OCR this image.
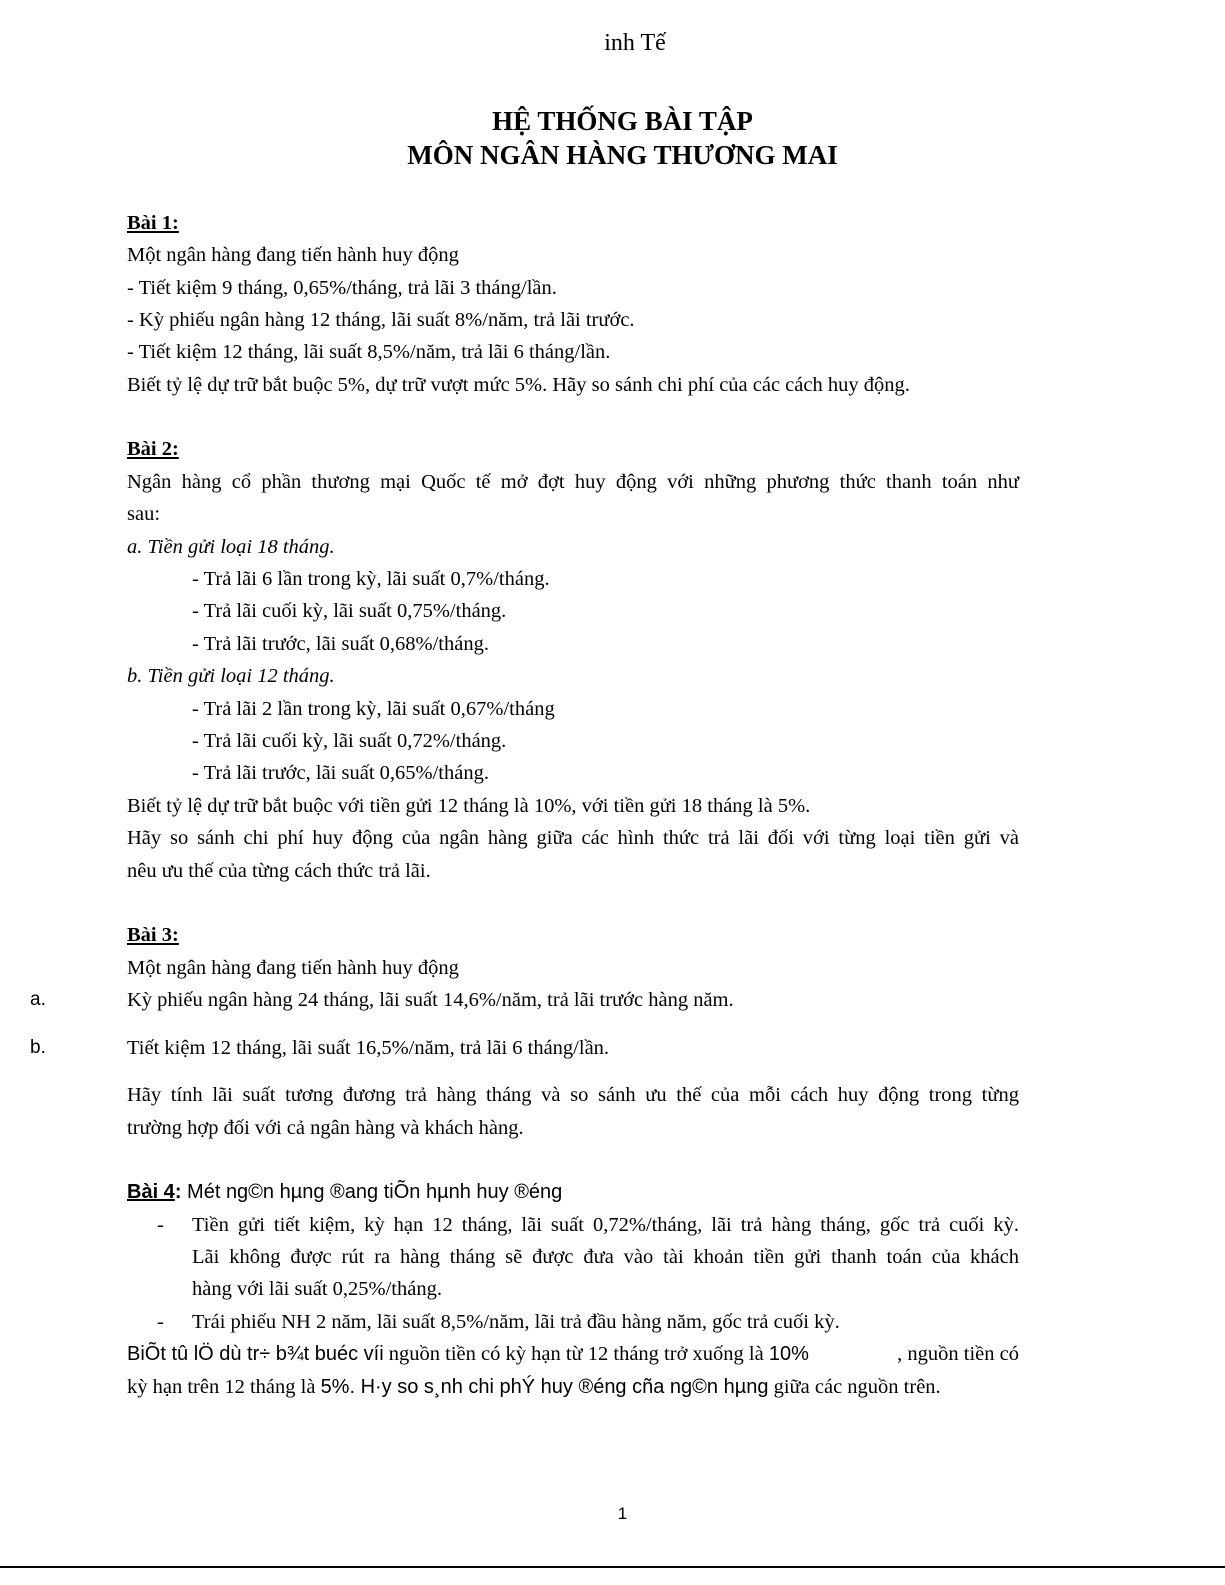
inh Tế
HỆ THỐNG BÀI TẬP
MÔN NGÂN HÀNG THƯƠNG MAI
Bài 1:
Một ngân hàng đang tiến hành huy động
- Tiết kiệm 9 tháng, 0,65%/tháng, trả lãi 3 tháng/lần.
- Kỳ phiếu ngân hàng 12 tháng, lãi suất 8%/năm, trả lãi trước.
- Tiết kiệm 12 tháng, lãi suất 8,5%/năm, trả lãi 6 tháng/lần.
Biết tỷ lệ dự trữ bắt buộc 5%, dự trữ vượt mức 5%. Hãy so sánh chi phí của các cách huy động.
Bài 2:
Ngân hàng cổ phần thương mại Quốc tế mở đợt huy động với những phương thức thanh toán như
sau:
a. Tiền gửi loại 18 tháng.
- Trả lãi 6 lần trong kỳ, lãi suất 0,7%/tháng.
- Trả lãi cuối kỳ, lãi suất 0,75%/tháng.
- Trả lãi trước, lãi suất 0,68%/tháng.
b. Tiền gửi loại 12 tháng.
- Trả lãi 2 lần trong kỳ, lãi suất 0,67%/tháng
- Trả lãi cuối kỳ, lãi suất 0,72%/tháng.
- Trả lãi trước, lãi suất 0,65%/tháng.
Biết tỷ lệ dự trữ bắt buộc với tiền gửi 12 tháng là 10%, với tiền gửi 18 tháng là 5%.
Hãy so sánh chi phí huy động của ngân hàng giữa các hình thức trả lãi đối với từng loại tiền gửi và
nêu ưu thế của từng cách thức trả lãi.
Bài 3:
Một ngân hàng đang tiến hành huy động
a.	Kỳ phiếu ngân hàng 24 tháng, lãi suất 14,6%/năm, trả lãi trước hàng năm.
b.	Tiết kiệm 12 tháng, lãi suất 16,5%/năm, trả lãi 6 tháng/lần.
Hãy tính lãi suất tương đương trả hàng tháng và so sánh ưu thế của mỗi cách huy động trong từng
trường hợp đối với cả ngân hàng và khách hàng.
Bài 4: Mét ng©n hµng ®ang tiÕn hµnh huy ®éng
- Tiền gửi tiết kiệm, kỳ hạn 12 tháng, lãi suất 0,72%/tháng, lãi trả hàng tháng, gốc trả cuối kỳ.
Lãi không được rút ra hàng tháng sẽ được đưa vào tài khoản tiền gửi thanh toán của khách
hàng với lãi suất 0,25%/tháng.
- Trái phiếu NH 2 năm, lãi suất 8,5%/năm, lãi trả đầu hàng năm, gốc trả cuối kỳ.
BiÕt tû lÖ dù tr÷ b¾t buéc víi nguồn tiền có kỳ hạn từ 12 tháng trở xuống là 10%	, nguồn tiền có
kỳ hạn trên 12 tháng là 5%. H·y so s¸nh chi phÝ huy ®éng cña ng©n hµng giữa các nguồn trên.
1
